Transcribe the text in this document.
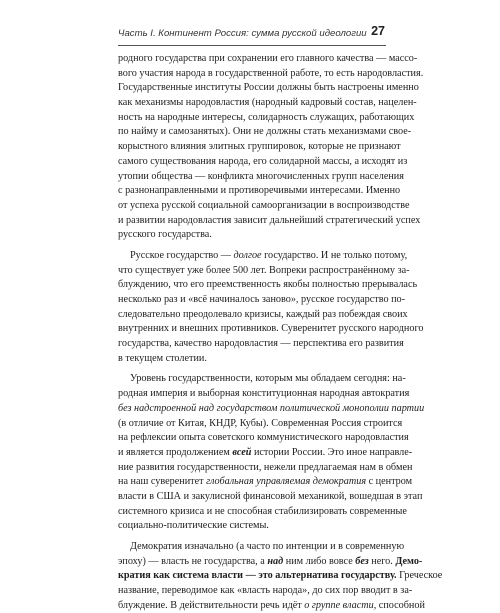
Часть I. Континент Россия: сумма русской идеологии 27
родного государства при сохранении его главного качества — массо-
вого участия народа в государственной работе, то есть народовластия.
Государственные институты России должны быть настроены именно
как механизмы народовластия (народный кадровый состав, нацелен-
ность на народные интересы, солидарность служащих, работающих
по найму и самозанятых). Они не должны стать механизмами свое-
корыстного влияния элитных группировок, которые не признают
самого существования народа, его солидарной массы, а исходят из
утопии общества — конфликта многочисленных групп населения
с разнонаправленными и противоречивыми интересами. Именно
от успеха русской социальной самоорганизации в воспроизводстве
и развитии народовластия зависит дальнейший стратегический успех
русского государства.
Русское государство — долгое государство. И не только потому,
что существует уже более 500 лет. Вопреки распространённому за-
блуждению, что его преемственность якобы полностью прерывалась
несколько раз и «всё начиналось заново», русское государство по-
следовательно преодолевало кризисы, каждый раз побеждая своих
внутренних и внешних противников. Суверенитет русского народного
государства, качество народовластия — перспектива его развития
в текущем столетии.
Уровень государственности, которым мы обладаем сегодня: на-
родная империя и выборная конституционная народная автократия
без надстроенной над государством политической монополии партии
(в отличие от Китая, КНДР, Кубы). Современная Россия строится
на рефлексии опыта советского коммунистического народовластия
и является продолжением всей истории России. Это иное направле-
ние развития государственности, нежели предлагаемая нам в обмен
на наш суверенитет глобальная управляемая демократия с центром
власти в США и закулисной финансовой механикой, вошедшая в этап
системного кризиса и не способная стабилизировать современные
социально-политические системы.
Демократия изначально (а часто по интенции и в современную
эпоху) — власть не государства, а над ним либо вовсе без него. Демо-
кратия как система власти — это альтернатива государству. Греческое
название, переводимое как «власть народа», до сих пор вводит в за-
блуждение. В действительности речь идёт о группе власти, способной
